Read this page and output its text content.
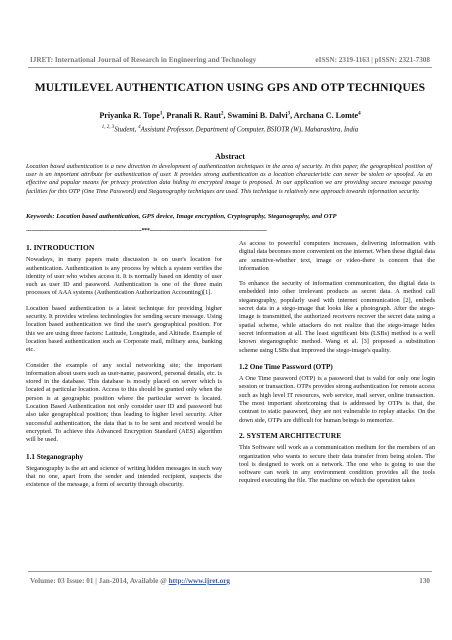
IJRET: International Journal of Research in Engineering and Technology	eISSN: 2319-1163 | pISSN: 2321-7308
MULTILEVEL AUTHENTICATION USING GPS AND OTP TECHNIQUES
Priyanka R. Tope$^1$, Pranali R. Raut$^2$, Swamini B. Dalvi$^3$, Archana C. Lomte$^4$
$^{1, 2, 3}$Student, $^4$Assistant Professor, Department of Computer, BSIOTR (W), Maharashtra, India
Abstract
Location based authentication is a new direction in development of authentication techniques in the area of security. In this paper, the geographical position of user is an important attribute for authentication of user. It provides strong authentication as a location characteristic can never be stolen or spoofed. As an effective and popular means for privacy protection data hiding in encrypted image is proposed. In our application we are providing secure message passing facilities for this OTP (One Time Password) and Steganography techniques are used. This technique is relatively new approach towards information security.
Keywords: Location based authentication, GPS device, Image encryption, Cryptography, Steganography, and OTP
--------------------------------------------------------------------***---------------------------------------------------------------------
1. INTRODUCTION

Nowadays, in many papers main discussion is on user's location for authentication. Authentication is any process by which a system verifies the identity of user who wishes access it. It is normally based on identity of user such as user ID and password. Authentication is one of the three main processes of AAA systems (Authentication Authorization Accounting)[1].

Location based authentication is a latest technique for providing higher security. It provides wireless technologies for sending secure message. Using location based authentication we find the user's geographical position. For this we are using three factors: Latitude, Longitude, and Altitude. Example of location based authentication such as Corporate mail, military area, banking etc.

Consider the example of any social networking site; the important information about users such as user-name, password, personal details, etc. is stored in the database. This database is mostly placed on server which is located at particular location. Access to this should be granted only when the person is at geographic position where the particular server is located. Location Based Authentication not only consider user ID and password but also take geographical position; thus leading to higher level security. After successful authentication, the data that is to be sent and received would be encrypted. To achieve this Advanced Encryption Standard (AES) algorithm will be used.

1.1 Steganography

Steganography is the art and science of writing hidden messages in such way that no one, apart from the sender and intended recipient, suspects the existence of the message, a form of security through obscurity.

As access to powerful computers increases, delivering information with digital data becomes more convenient on the internet. When these digital data are sensitive-whether text, image or video-there is concern that the information

To enhance the security of information communication, the digital data is embedded into other irrelevant products as secret data. A method call steganography, popularly used with internet communication [2], embeds secret data in a stego-image that looks like a photograph. After the stego-image is transmitted, the authorized receivers recover the secret data using a spatial scheme, while attackers do not realize that the stego-image hides secret information at all. The least significant bits (LSBs) method is a well known steganographic method. Wang et al. [3] proposed a substitution scheme using LSBs that improved the stego-image's quality.

1.2 One Time Password (OTP)

A One Time password (OTP) is a password that is valid for only one login session or transaction. OTPs provides strong authentication for remote access such as high level IT resources, web service, mail server, online transaction. The most important shortcoming that is addressed by OTPs is that, the contrast to static password, they are not vulnerable to replay attacks. On the down side, OTPs are difficult for human beings to memorize.

2. SYSTEM ARCHITECTURE

This Software will work as a communication medium for the members of an organization who wants to secure their data transfer from being stolen. The tool is designed to work on a network. The one who is going to use the software can work in any environment condition provides all the tools required executing the file. The machine on which the operation takes

Volume: 03 Issue: 01 | Jan-2014, Available @ http://www.ijret.org	130
